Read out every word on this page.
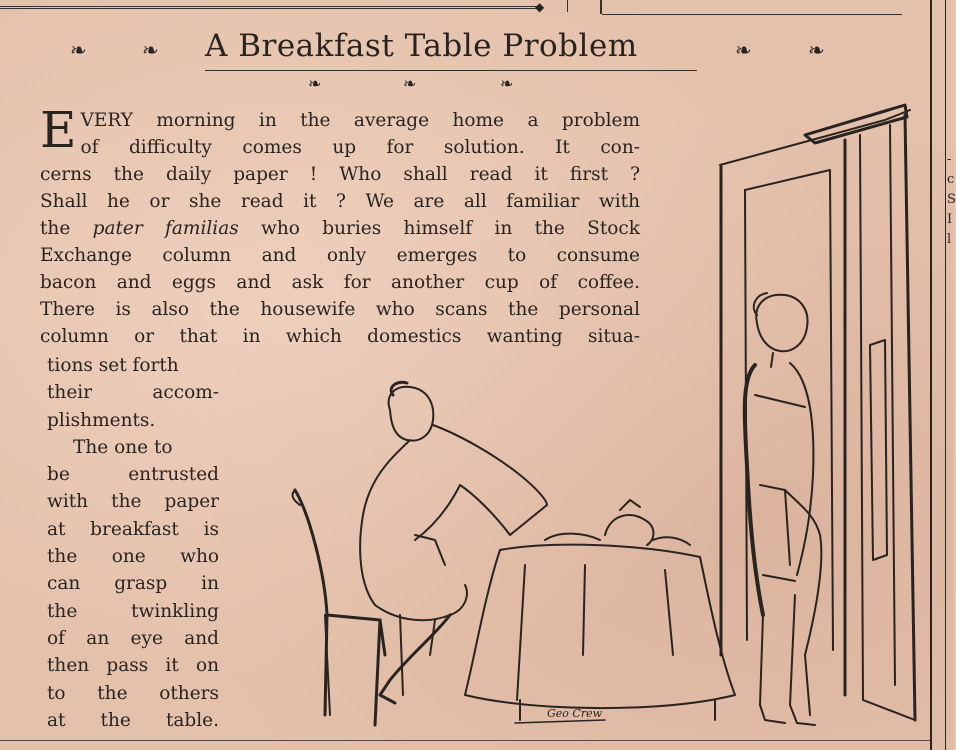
◆
-
c
S
I
l
❧	❧	❧	❧
❧	❧	❧
A Breakfast Table Problem
Geo Crew
E VERY morning in the average home a problem
of difficulty comes up for solution. It con-
cerns the daily paper ! Who shall read it first ?
Shall he or she read it ? We are all familiar with
the pater familias who buries himself in the Stock
Exchange column and only emerges to consume
bacon and eggs and ask for another cup of coffee.
There is also the housewife who scans the personal
column or that in which domestics wanting situa-
tions set forth
their accom-
plishments.
The one to
be entrusted
with the paper
at breakfast is
the one who
can grasp in
the twinkling
of an eye and
then pass it on
to the others
at the table.
